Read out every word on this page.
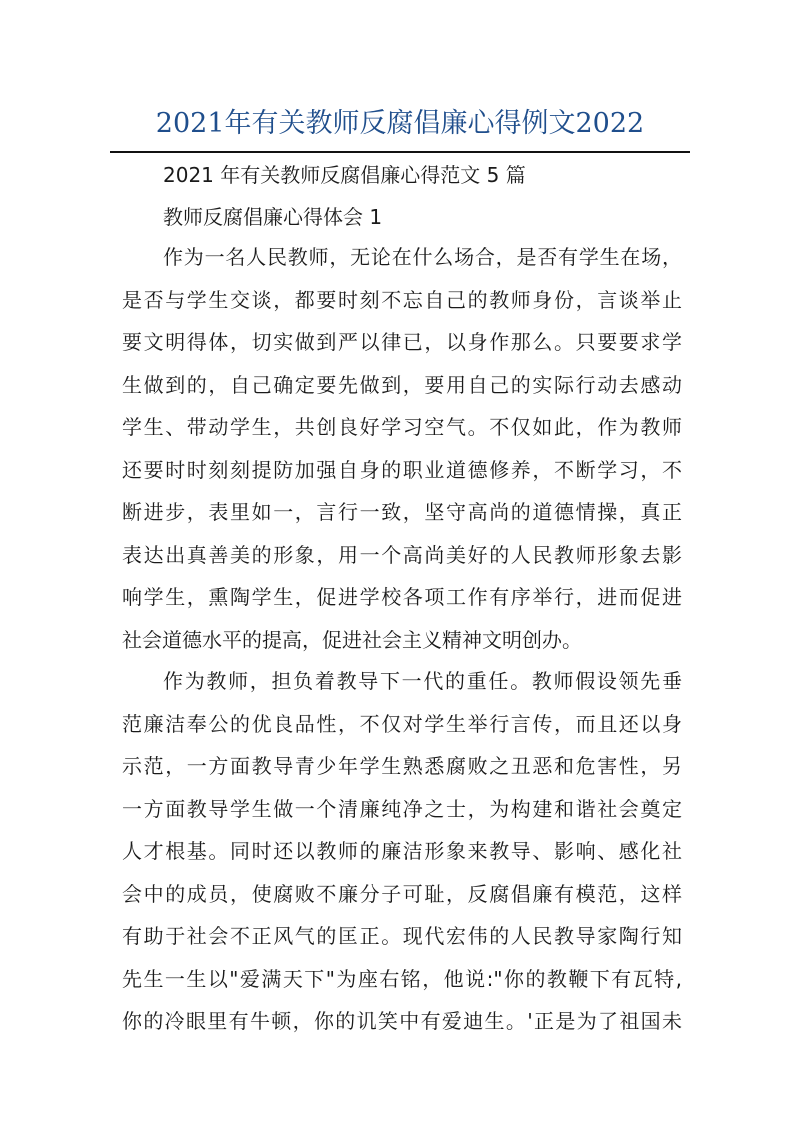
2021年有关教师反腐倡廉心得例文2022
2021 年有关教师反腐倡廉心得范文 5 篇
教师反腐倡廉心得体会 1
作为一名人民教师，无论在什么场合，是否有学生在场，
是否与学生交谈，都要时刻不忘自己的教师身份，言谈举止
要文明得体，切实做到严以律已，以身作那么。只要要求学
生做到的，自己确定要先做到，要用自己的实际行动去感动
学生、带动学生，共创良好学习空气。不仅如此，作为教师
还要时时刻刻提防加强自身的职业道德修养，不断学习，不
断进步，表里如一，言行一致，坚守高尚的道德情操，真正
表达出真善美的形象，用一个高尚美好的人民教师形象去影
响学生，熏陶学生，促进学校各项工作有序举行，进而促进
社会道德水平的提高，促进社会主义精神文明创办。
作为教师，担负着教导下一代的重任。教师假设领先垂
范廉洁奉公的优良品性，不仅对学生举行言传，而且还以身
示范，一方面教导青少年学生熟悉腐败之丑恶和危害性，另
一方面教导学生做一个清廉纯净之士，为构建和谐社会奠定
人才根基。同时还以教师的廉洁形象来教导、影响、感化社
会中的成员，使腐败不廉分子可耻，反腐倡廉有模范，这样
有助于社会不正风气的匡正。现代宏伟的人民教导家陶行知
先生一生以"爱满天下"为座右铭，他说:"你的教鞭下有瓦特,
你的冷眼里有牛顿，你的讥笑中有爱迪生。'正是为了祖国未
